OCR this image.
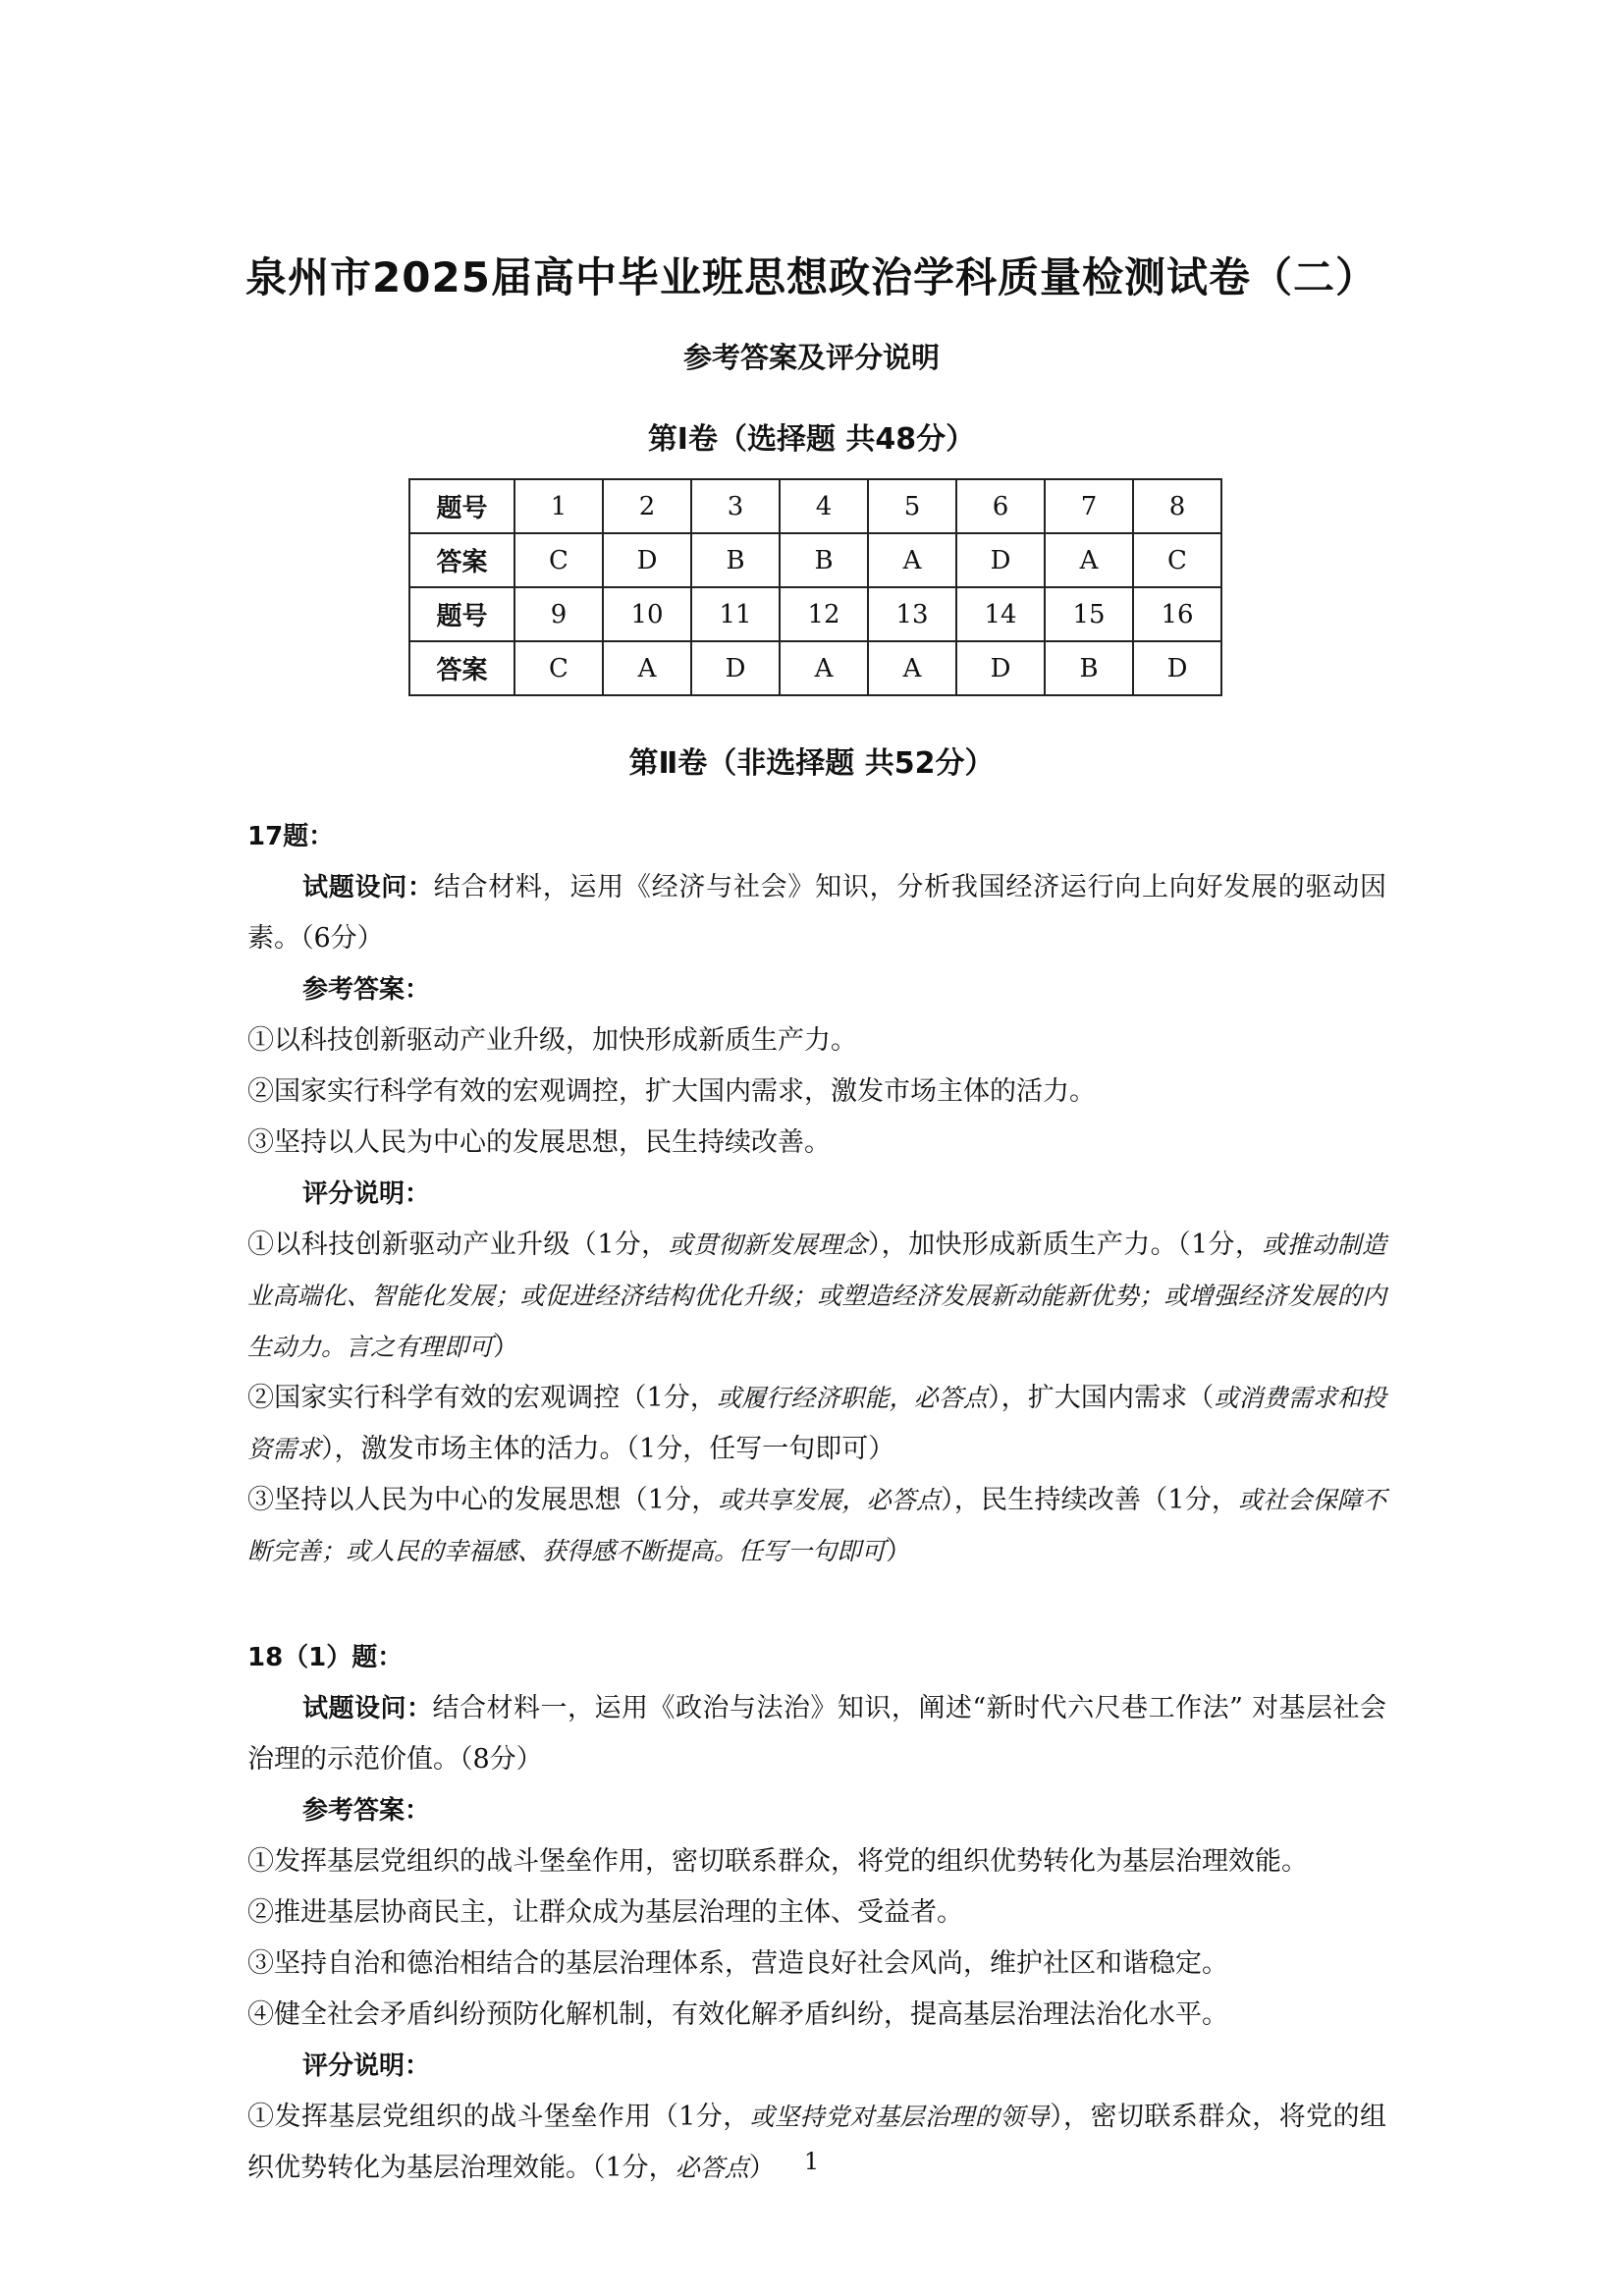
泉州市2025届高中毕业班思想政治学科质量检测试卷（二）
参考答案及评分说明
第Ⅰ卷（选择题 共48分）
题号	1	2	3	4	5	6	7	8
答案	C	D	B	B	A	D	A	C
题号	9	10	11	12	13	14	15	16
答案	C	A	D	A	A	D	B	D
第Ⅱ卷（非选择题 共52分）
17题：

试题设问：结合材料，运用《经济与社会》知识，分析我国经济运行向上向好发展的驱动因素。（6分）

参考答案：

①以科技创新驱动产业升级，加快形成新质生产力。

②国家实行科学有效的宏观调控，扩大国内需求，激发市场主体的活力。

③坚持以人民为中心的发展思想，民生持续改善。

评分说明：

①以科技创新驱动产业升级（1分，或贯彻新发展理念），加快形成新质生产力。（1分，或推动制造业高端化、智能化发展；或促进经济结构优化升级；或塑造经济发展新动能新优势；或增强经济发展的内生动力。言之有理即可）

②国家实行科学有效的宏观调控（1分，或履行经济职能，必答点），扩大国内需求（或消费需求和投资需求），激发市场主体的活力。（1分，任写一句即可）

③坚持以人民为中心的发展思想（1分，或共享发展，必答点），民生持续改善（1分，或社会保障不断完善；或人民的幸福感、获得感不断提高。任写一句即可）

18（1）题：

试题设问：结合材料一，运用《政治与法治》知识，阐述“新时代六尺巷工作法” 对基层社会治理的示范价值。（8分）

参考答案：

①发挥基层党组织的战斗堡垒作用，密切联系群众，将党的组织优势转化为基层治理效能。

②推进基层协商民主，让群众成为基层治理的主体、受益者。

③坚持自治和德治相结合的基层治理体系，营造良好社会风尚，维护社区和谐稳定。

④健全社会矛盾纠纷预防化解机制，有效化解矛盾纠纷，提高基层治理法治化水平。

评分说明：

①发挥基层党组织的战斗堡垒作用（1分，或坚持党对基层治理的领导），密切联系群众，将党的组织优势转化为基层治理效能。（1分，必答点）	1
